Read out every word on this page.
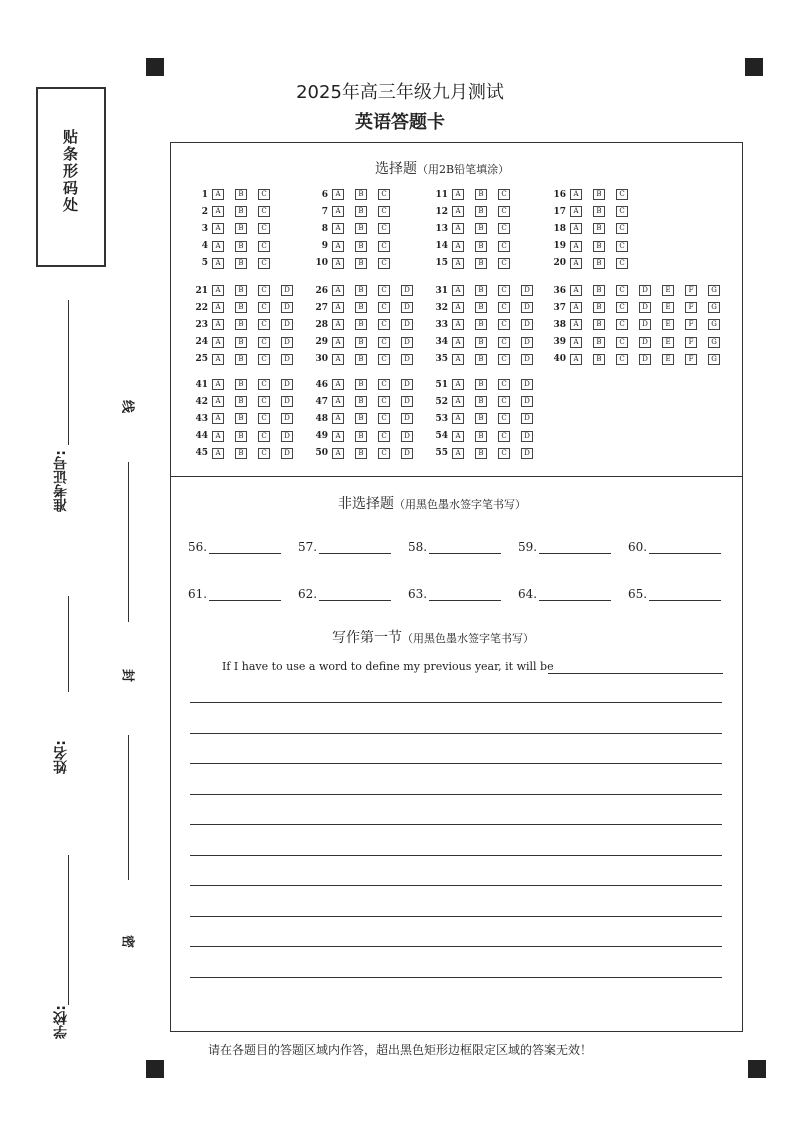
2025年高三年级九月测试
英语答题卡
贴条形码处
准考证号:
姓名:
学校:
线
封
密
选择题（用2B铅笔填涂）
1	A	B	C
2	A	B	C
3	A	B	C
4	A	B	C
5	A	B	C
6	A	B	C
7	A	B	C
8	A	B	C
9	A	B	C
10	A	B	C
11	A	B	C
12	A	B	C
13	A	B	C
14	A	B	C
15	A	B	C
16	A	B	C
17	A	B	C
18	A	B	C
19	A	B	C
20	A	B	C
21	A	B	C	D
22	A	B	C	D
23	A	B	C	D
24	A	B	C	D
25	A	B	C	D
26	A	B	C	D
27	A	B	C	D
28	A	B	C	D
29	A	B	C	D
30	A	B	C	D
31	A	B	C	D
32	A	B	C	D
33	A	B	C	D
34	A	B	C	D
35	A	B	C	D
36	A	B	C	D	E	F	G
37	A	B	C	D	E	F	G
38	A	B	C	D	E	F	G
39	A	B	C	D	E	F	G
40	A	B	C	D	E	F	G
41	A	B	C	D
42	A	B	C	D
43	A	B	C	D
44	A	B	C	D
45	A	B	C	D
46	A	B	C	D
47	A	B	C	D
48	A	B	C	D
49	A	B	C	D
50	A	B	C	D
51	A	B	C	D
52	A	B	C	D
53	A	B	C	D
54	A	B	C	D
55	A	B	C	D
非选择题（用黑色墨水签字笔书写）
56.	57.	58.	59.	60.
61.	62.	63.	64.	65.
写作第一节（用黑色墨水签字笔书写）
If I have to use a word to define my previous year, it will be
请在各题目的答题区域内作答，超出黑色矩形边框限定区域的答案无效！
